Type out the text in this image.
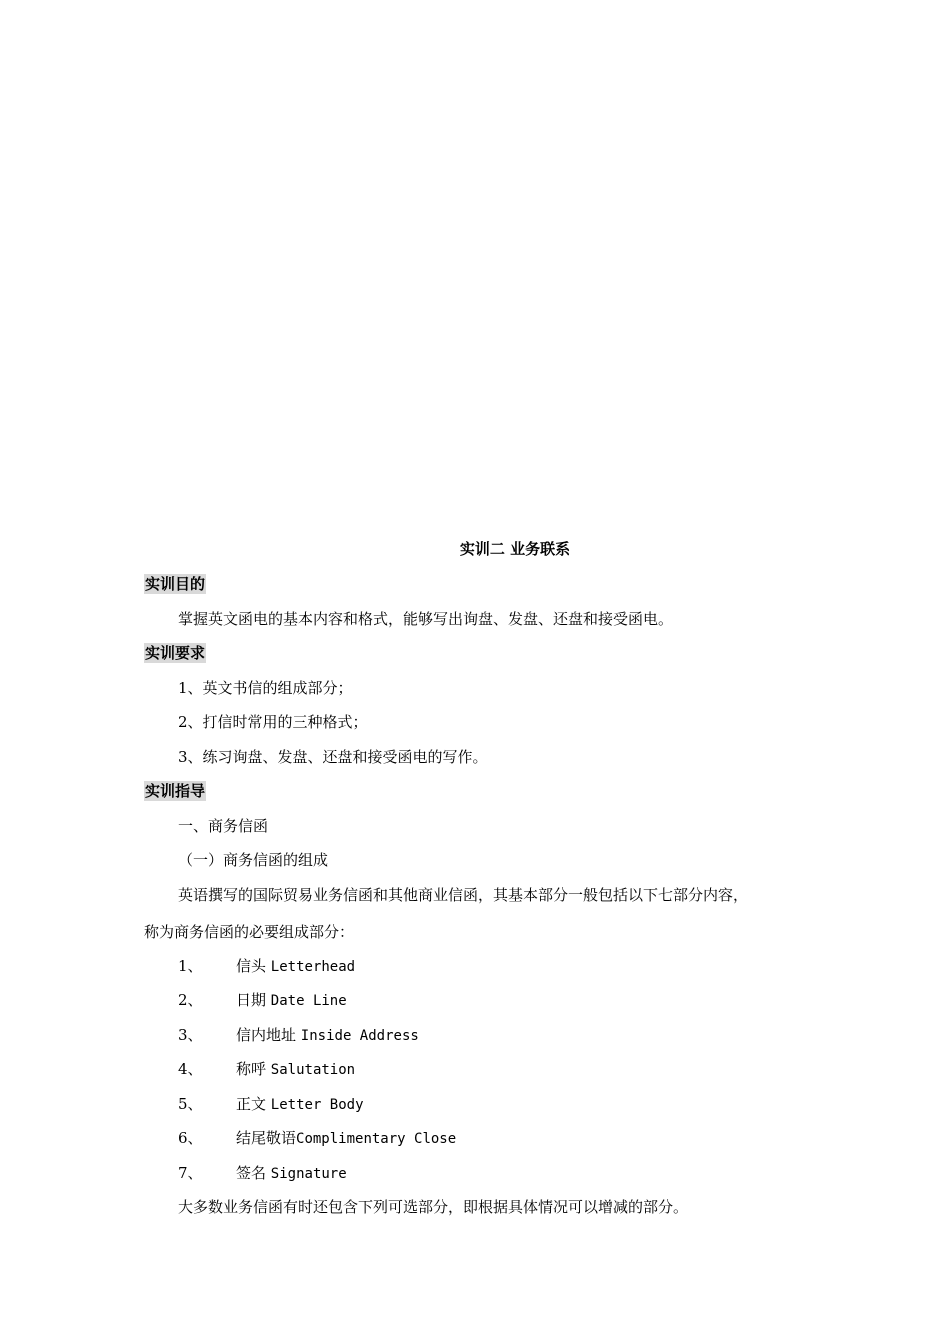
实训二 业务联系
实训目的
掌握英文函电的基本内容和格式，能够写出询盘、发盘、还盘和接受函电。
实训要求
1、英文书信的组成部分；
2、打信时常用的三种格式；
3、练习询盘、发盘、还盘和接受函电的写作。
实训指导
一、商务信函
（一）商务信函的组成
英语撰写的国际贸易业务信函和其他商业信函，其基本部分一般包括以下七部分内容，
称为商务信函的必要组成部分：
1、 信头 Letterhead
2、 日期 Date Line
3、 信内地址 Inside Address
4、 称呼 Salutation
5、 正文 Letter Body
6、 结尾敬语Complimentary Close
7、 签名 Signature
大多数业务信函有时还包含下列可选部分，即根据具体情况可以增减的部分。
